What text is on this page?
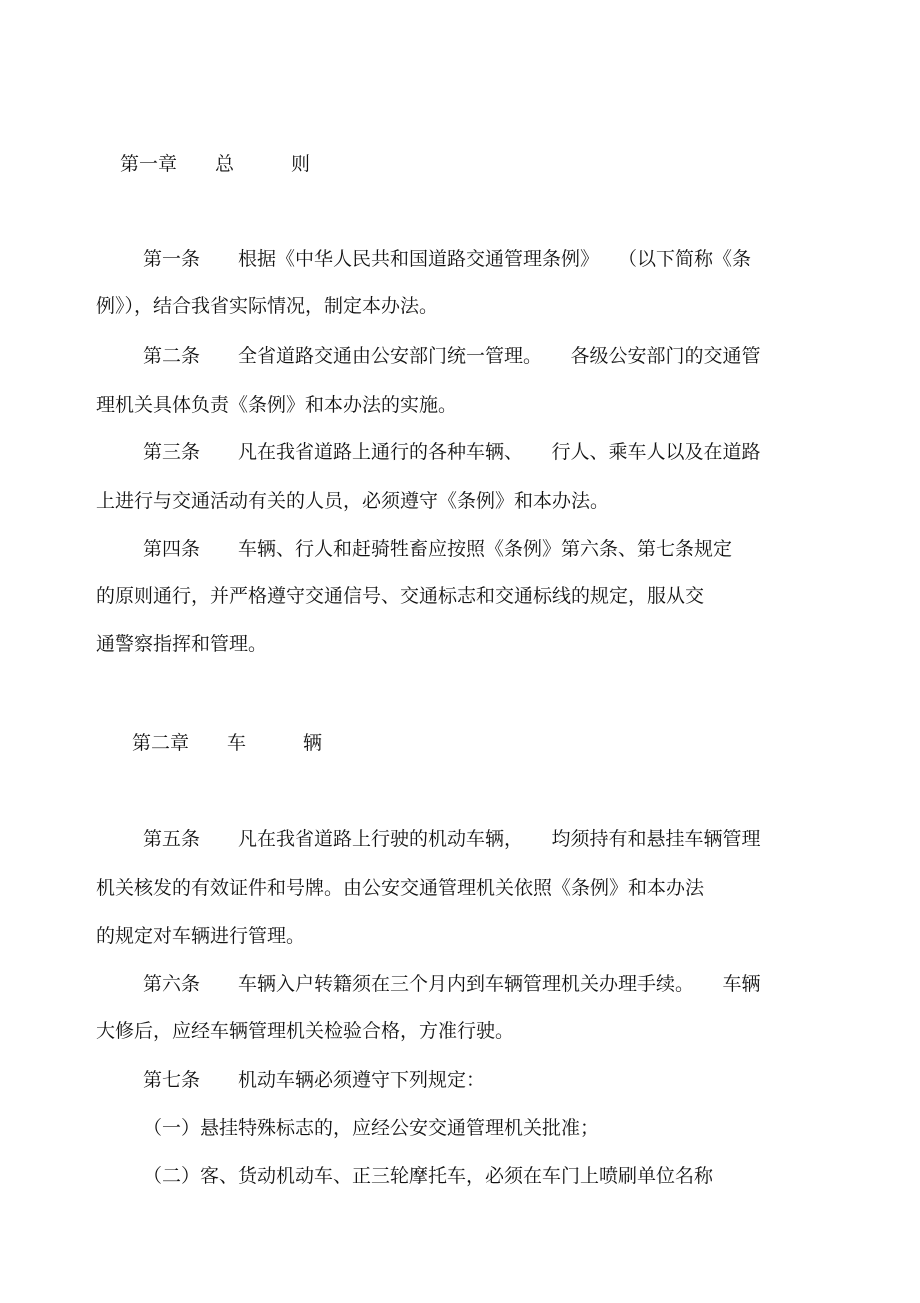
第一章　　总　　　则
第一条　　根据《中华人民共和国道路交通管理条例》　　（以下简称《条
例》），结合我省实际情况，制定本办法。
第二条　　全省道路交通由公安部门统一管理。　　各级公安部门的交通管
理机关具体负责《条例》和本办法的实施。
第三条　　凡在我省道路上通行的各种车辆、　　行人、乘车人以及在道路
上进行与交通活动有关的人员，必须遵守《条例》和本办法。
第四条　　车辆、行人和赶骑牲畜应按照《条例》第六条、第七条规定
的原则通行，并严格遵守交通信号、交通标志和交通标线的规定，服从交
通警察指挥和管理。
第二章　　车　　　辆
第五条　　凡在我省道路上行驶的机动车辆，　　均须持有和悬挂车辆管理
机关核发的有效证件和号牌。由公安交通管理机关依照《条例》和本办法
的规定对车辆进行管理。
第六条　　车辆入户转籍须在三个月内到车辆管理机关办理手续。　　车辆
大修后，应经车辆管理机关检验合格，方准行驶。
第七条　　机动车辆必须遵守下列规定：
（一）悬挂特殊标志的，应经公安交通管理机关批准；
（二）客、货动机动车、正三轮摩托车，必须在车门上喷刷单位名称
